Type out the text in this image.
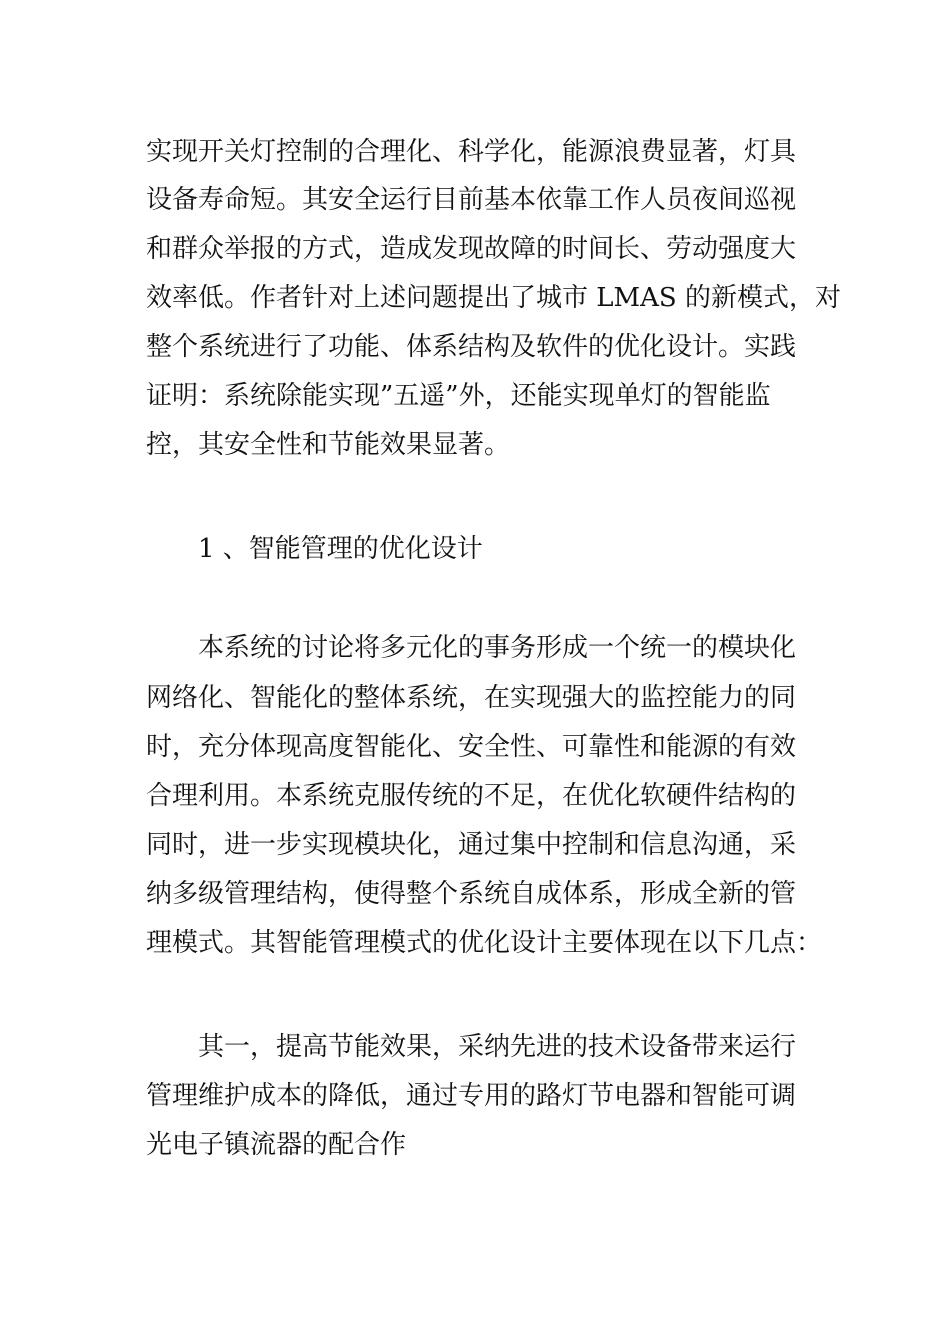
实现开关灯控制的合理化、科学化，能源浪费显著，灯具
设备寿命短。其安全运行目前基本依靠工作人员夜间巡视
和群众举报的方式，造成发现故障的时间长、劳动强度大
效率低。作者针对上述问题提出了城市 LMAS 的新模式，对
整个系统进行了功能、体系结构及软件的优化设计。实践
证明：系统除能实现”五遥”外，还能实现单灯的智能监
控，其安全性和节能效果显著。
1 、智能管理的优化设计
本系统的讨论将多元化的事务形成一个统一的模块化
网络化、智能化的整体系统，在实现强大的监控能力的同
时，充分体现高度智能化、安全性、可靠性和能源的有效
合理利用。本系统克服传统的不足，在优化软硬件结构的
同时，进一步实现模块化，通过集中控制和信息沟通，采
纳多级管理结构，使得整个系统自成体系，形成全新的管
理模式。其智能管理模式的优化设计主要体现在以下几点：
其一，提高节能效果，采纳先进的技术设备带来运行
管理维护成本的降低，通过专用的路灯节电器和智能可调
光电子镇流器的配合作
